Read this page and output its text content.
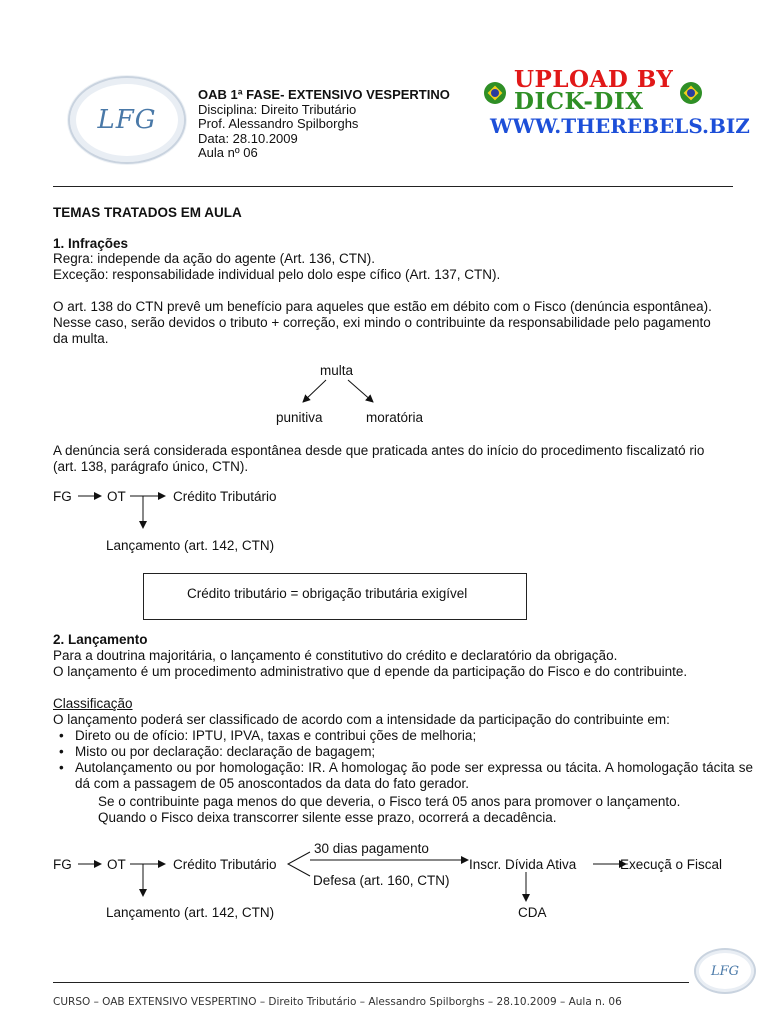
LFG
OAB 1ª FASE- EXTENSIVO VESPERTINO
Disciplina: Direito Tributário
Prof. Alessandro Spilborghs
Data: 28.10.2009
Aula nº 06
UPLOAD BY
DICK-DIX
WWW.THEREBELS.BIZ
TEMAS TRATADOS EM AULA
1. Infrações
Regra: independe da ação do agente (Art. 136, CTN).
Exceção: responsabilidade individual pelo dolo espe cífico (Art. 137, CTN).
O art. 138 do CTN prevê um benefício para aqueles que estão em débito com o Fisco (denúncia espontânea).
Nesse caso, serão devidos o tributo + correção, exi mindo o contribuinte da responsabilidade pelo pagamento
da multa.
multa
punitiva	moratória
A denúncia será considerada espontânea desde que praticada antes do início do procedimento fiscalizató rio
(art. 138, parágrafo único, CTN).
FG	OT	Crédito Tributário
Lançamento (art. 142, CTN)
Crédito tributário = obrigação tributária exigível
2. Lançamento
Para a doutrina majoritária, o lançamento é constitutivo do crédito e declaratório da obrigação.
O lançamento é um procedimento administrativo que d epende da participação do Fisco e do contribuinte.
Classificação
O lançamento poderá ser classificado de acordo com a intensidade da participação do contribuinte em:
• Direto ou de ofício: IPTU, IPVA, taxas e contribui ções de melhoria;
• Misto ou por declaração: declaração de bagagem;
• Autolançamento ou por homologação: IR. A homologaç ão pode ser expressa ou tácita. A homologação tácita se dá com a passagem de 05 anoscontados da data do fato gerador.
Se o contribuinte paga menos do que deveria, o Fisco terá 05 anos para promover o lançamento.
Quando o Fisco deixa transcorrer silente esse prazo, ocorrerá a decadência.
FG	OT	Crédito Tributário
30 dias pagamento
Defesa (art. 160, CTN)
Inscr. Dívida Ativa	Execuçã o Fiscal
Lançamento (art. 142, CTN)	CDA
LFG
CURSO – OAB EXTENSIVO VESPERTINO – Direito Tributário – Alessandro Spilborghs – 28.10.2009 – Aula n. 06
